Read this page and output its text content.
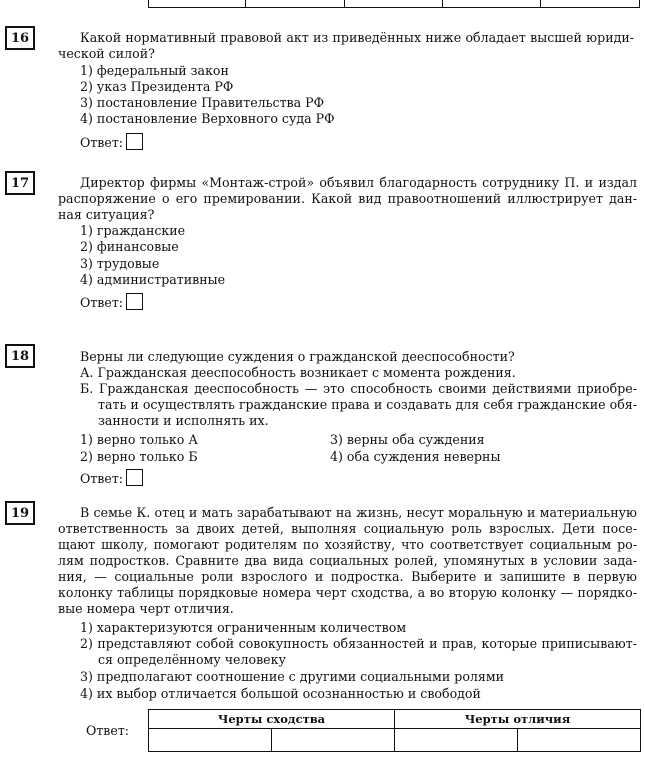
16	Какой нормативный правовой акт из приведённых ниже обладает высшей юриди-
ческой силой?
1) федеральный закон
2) указ Президента РФ
3) постановление Правительства РФ
4) постановление Верховного суда РФ
Ответ:
17	Директор фирмы «Монтаж-строй» объявил благодарность сотруднику П. и издал
распоряжение о его премировании. Какой вид правоотношений иллюстрирует дан-
ная ситуация?
1) гражданские
2) финансовые
3) трудовые
4) административные
Ответ:
18	Верны ли следующие суждения о гражданской дееспособности?
А. Гражданская дееспособность возникает с момента рождения.
Б. Гражданская дееспособность — это способность своими действиями приобре-
тать и осуществлять гражданские права и создавать для себя гражданские обя-
занности и исполнять их.
1) верно только А
2) верно только Б
3) верны оба суждения
4) оба суждения неверны
Ответ:
19	В семье К. отец и мать зарабатывают на жизнь, несут моральную и материальную
ответственность за двоих детей, выполняя социальную роль взрослых. Дети посе-
щают школу, помогают родителям по хозяйству, что соответствует социальным ро-
лям подростков. Сравните два вида социальных ролей, упомянутых в условии зада-
ния, — социальные роли взрослого и подростка. Выберите и запишите в первую
колонку таблицы порядковые номера черт сходства, а во вторую колонку — порядко-
вые номера черт отличия.
1) характеризуются ограниченным количеством
2) представляют собой совокупность обязанностей и прав, которые приписывают-
ся определённому человеку
3) предполагают соотношение с другими социальными ролями
4) их выбор отличается большой осознанностью и свободой
Ответ:
Черты сходства		Черты отличия	
